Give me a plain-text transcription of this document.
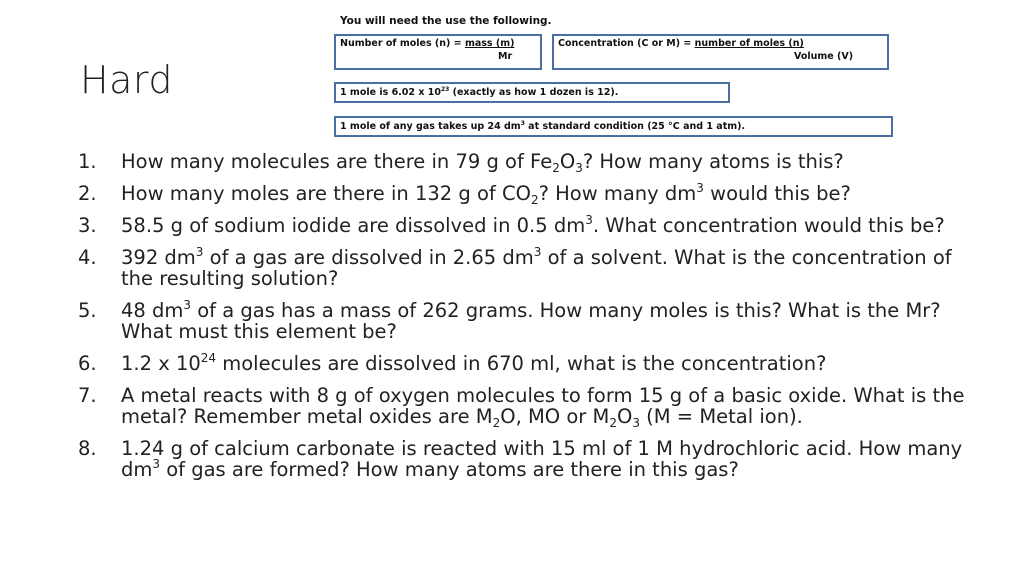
Hard
You will need the use the following.
Number of moles (n) = mass (m)
Mr
Concentration (C or M) = number of moles (n)
Volume (V)
1 mole is 6.02 x $10^{23}$ (exactly as how 1 dozen is 12).
1 mole of any gas takes up 24 $dm^3$ at standard condition (25 °C and 1 atm).
1. How many molecules are there in 79 g of $Fe_2O_3$? How many atoms is this?
2. How many moles are there in 132 g of $CO_2$? How many $dm^3$ would this be?
3. 58.5 g of sodium iodide are dissolved in 0.5 $dm^3$. What concentration would this be?
4. 392 $dm^3$ of a gas are dissolved in 2.65 $dm^3$ of a solvent. What is the concentration of the resulting solution?
5. 48 $dm^3$ of a gas has a mass of 262 grams. How many moles is this? What is the Mr? What must this element be?
6. 1.2 x $10^{24}$ molecules are dissolved in 670 ml, what is the concentration?
7. A metal reacts with 8 g of oxygen molecules to form 15 g of a basic oxide. What is the metal? Remember metal oxides are $M_2O$, MO or $M_2O_3$ (M = Metal ion).
8. 1.24 g of calcium carbonate is reacted with 15 ml of 1 M hydrochloric acid. How many $dm^3$ of gas are formed? How many atoms are there in this gas?
